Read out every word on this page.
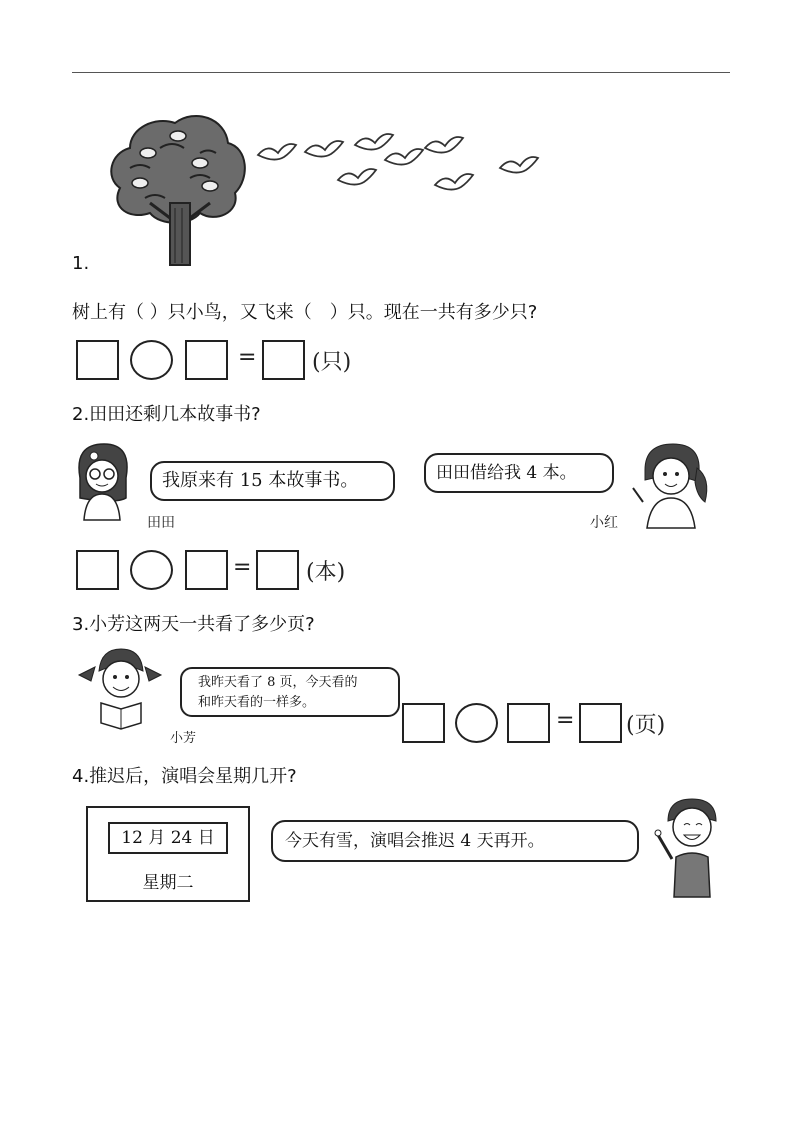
1.
树上有（ ）只小鸟，又飞来（　）只。现在一共有多少只?
=	(只)
2.田田还剩几本故事书?
我原来有 15 本故事书。
田田
田田借给我 4 本。
小红
= (本)
3.小芳这两天一共看了多少页?
我昨天看了 8 页，今天看的
和昨天看的一样多。
小芳
= (页)
4.推迟后，演唱会星期几开?
12 月 24 日
星期二
今天有雪，演唱会推迟 4 天再开。
